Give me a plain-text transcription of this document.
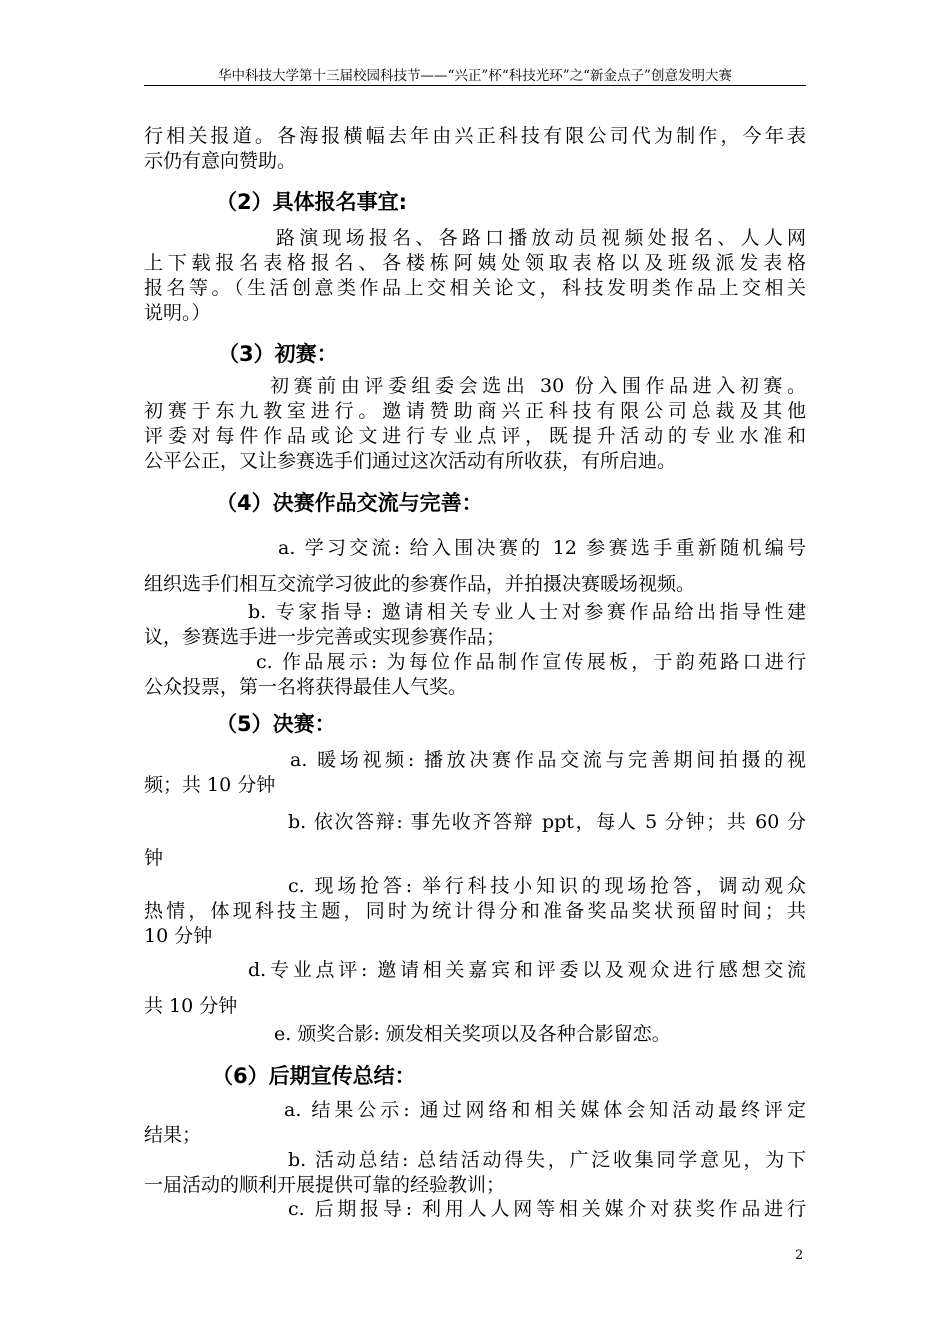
华中科技大学第十三届校园科技节——“兴正”杯“科技光环”之“新金点子”创意发明大赛
行相关报道。各海报横幅去年由兴正科技有限公司代为制作，今年表
示仍有意向赞助。
（2）具体报名事宜:
路演现场报名、各路口播放动员视频处报名、人人网
上下载报名表格报名、各楼栋阿姨处领取表格以及班级派发表格
报名等。（生活创意类作品上交相关论文，科技发明类作品上交相关
说明。）
（3）初赛：
初赛前由评委组委会选出 30 份入围作品进入初赛。
初赛于东九教室进行。邀请赞助商兴正科技有限公司总裁及其他
评委对每件作品或论文进行专业点评，既提升活动的专业水准和
公平公正，又让参赛选手们通过这次活动有所收获，有所启迪。
（4）决赛作品交流与完善：
a. 学习交流: 给入围决赛的 12 参赛选手重新随机编号
组织选手们相互交流学习彼此的参赛作品，并拍摄决赛暖场视频。
b. 专家指导: 邀请相关专业人士对参赛作品给出指导性建
议，参赛选手进一步完善或实现参赛作品；
c. 作品展示: 为每位作品制作宣传展板，于韵苑路口进行
公众投票，第一名将获得最佳人气奖。
（5）决赛：
a. 暖场视频: 播放决赛作品交流与完善期间拍摄的视
频；共 10 分钟
b. 依次答辩: 事先收齐答辩 ppt，每人 5 分钟；共 60 分
钟
c. 现场抢答: 举行科技小知识的现场抢答，调动观众
热情，体现科技主题，同时为统计得分和准备奖品奖状预留时间；共
10 分钟
d.专业点评: 邀请相关嘉宾和评委以及观众进行感想交流
共 10 分钟
e. 颁奖合影: 颁发相关奖项以及各种合影留恋。
（6）后期宣传总结：
a. 结果公示: 通过网络和相关媒体会知活动最终评定
结果；
b. 活动总结: 总结活动得失，广泛收集同学意见，为下
一届活动的顺利开展提供可靠的经验教训；
c. 后期报导: 利用人人网等相关媒介对获奖作品进行
2
